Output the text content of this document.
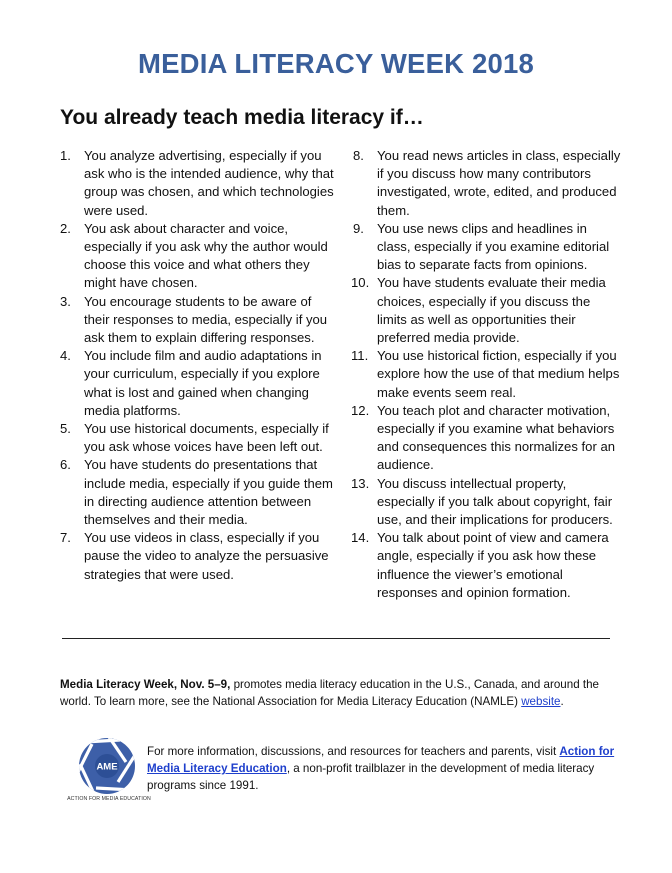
MEDIA LITERACY WEEK 2018
You already teach media literacy if…
1. You analyze advertising, especially if you ask who is the intended audience, why that group was chosen, and which technologies were used.
2. You ask about character and voice, especially if you ask why the author would choose this voice and what others they might have chosen.
3. You encourage students to be aware of their responses to media, especially if you ask them to explain differing responses.
4. You include film and audio adaptations in your curriculum, especially if you explore what is lost and gained when changing media platforms.
5. You use historical documents, especially if you ask whose voices have been left out.
6. You have students do presentations that include media, especially if you guide them in directing audience attention between themselves and their media.
7. You use videos in class, especially if you pause the video to analyze the persuasive strategies that were used.
8. You read news articles in class, especially if you discuss how many contributors investigated, wrote, edited, and produced them.
9. You use news clips and headlines in class, especially if you examine editorial bias to separate facts from opinions.
10. You have students evaluate their media choices, especially if you discuss the limits as well as opportunities their preferred media provide.
11. You use historical fiction, especially if you explore how the use of that medium helps make events seem real.
12. You teach plot and character motivation, especially if you examine what behaviors and consequences this normalizes for an audience.
13. You discuss intellectual property, especially if you talk about copyright, fair use, and their implications for producers.
14. You talk about point of view and camera angle, especially if you ask how these influence the viewer’s emotional responses and opinion formation.
Media Literacy Week, Nov. 5–9, promotes media literacy education in the U.S., Canada, and around the world. To learn more, see the National Association for Media Literacy Education (NAMLE) website.
AME
ACTION FOR MEDIA EDUCATION
For more information, discussions, and resources for teachers and parents, visit Action for Media Literacy Education, a non-profit trailblazer in the development of media literacy programs since 1991.
